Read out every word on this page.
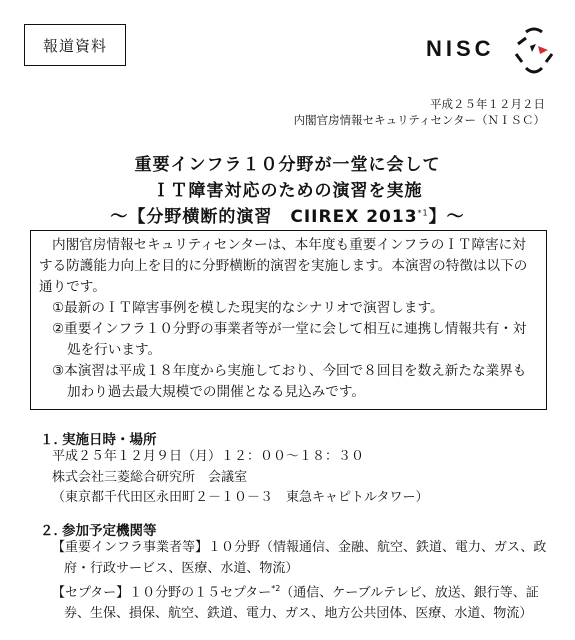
報道資料	NISC
平成２５年１２月２日
内閣官房情報セキュリティセンター（ＮＩＳＣ）
重要インフラ１０分野が一堂に会して
ＩＴ障害対応のための演習を実施
～【分野横断的演習　CIIREX 2013$^{*1}$】～

内閣官房情報セキュリティセンターは、本年度も重要インフラのＩＴ障害に対する防護能力向上を目的に分野横断的演習を実施します。本演習の特徴は以下の通りです。

①最新のＩＴ障害事例を模した現実的なシナリオで演習します。

②重要インフラ１０分野の事業者等が一堂に会して相互に連携し情報共有・対処を行います。

③本演習は平成１８年度から実施しており、今回で８回目を数え新たな業界も加わり過去最大規模での開催となる見込みです。

１．実施日時・場所

平成２５年１２月９日（月）１２：００～１８：３０

株式会社三菱総合研究所　会議室

（東京都千代田区永田町２－１０－３　東急キャピトルタワー）

２．参加予定機関等

【重要インフラ事業者等】１０分野（情報通信、金融、航空、鉄道、電力、ガス、政府・行政サービス、医療、水道、物流）

【セプター】１０分野の１５セプター$^{*2}$（通信、ケーブルテレビ、放送、銀行等、証券、生保、損保、航空、鉄道、電力、ガス、地方公共団体、医療、水道、物流）
